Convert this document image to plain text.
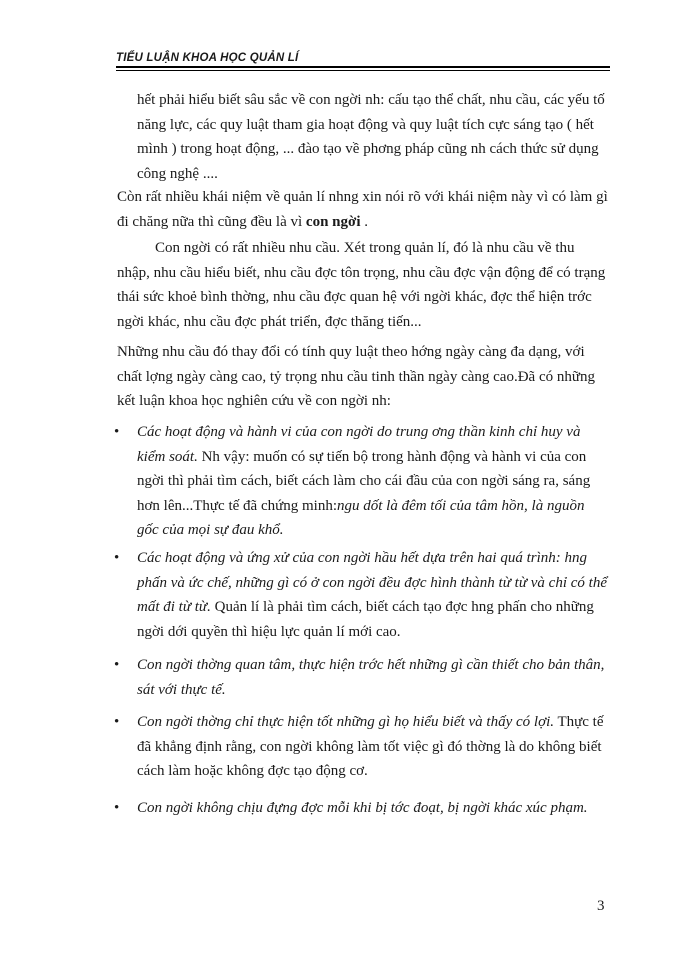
TIỂU LUẬN KHOA HỌC QUẢN LÍ

hết phải hiểu biết sâu sắc về con ngời nh: cấu tạo thể chất, nhu cầu, các yếu tố năng lực, các quy luật tham gia hoạt động và quy luật tích cực sáng tạo ( hết mình ) trong hoạt động, ... đào tạo về phơng pháp cũng nh cách thức sử dụng công nghệ ....

Còn rất nhiều khái niệm về quản lí nhng xin nói rõ với khái niệm này vì có làm gì đi chăng nữa thì cũng đều là vì con ngời .

Con ngời có rất nhiều nhu cầu. Xét trong quản lí, đó là nhu cầu về thu nhập, nhu cầu hiểu biết, nhu cầu đợc tôn trọng, nhu cầu đợc vận động để có trạng thái sức khoẻ bình thờng, nhu cầu đợc quan hệ với ngời khác, đợc thể hiện trớc ngời khác, nhu cầu đợc phát triển, đợc thăng tiến...

Những nhu cầu đó thay đổi có tính quy luật theo hớng ngày càng đa dạng, với chất lợng ngày càng cao, tỷ trọng nhu cầu tinh thần ngày càng cao.Đã có những kết luận khoa học nghiên cứu về con ngời nh:

• Các hoạt động và hành vi của con ngời do trung ơng thần kinh chỉ huy và kiểm soát. Nh vậy: muốn có sự tiến bộ trong hành động và hành vi của con ngời thì phải tìm cách, biết cách làm cho cái đầu của con ngời sáng ra, sáng hơn lên...Thực tế đã chứng minh:ngu dốt là đêm tối của tâm hồn, là nguồn gốc của mọi sự đau khổ.

• Các hoạt động và ứng xử của con ngời hầu hết dựa trên hai quá trình: hng phấn và ức chế, những gì có ở con ngời đều đợc hình thành từ từ và chỉ có thể mất đi từ từ. Quản lí là phải tìm cách, biết cách tạo đợc hng phấn cho những ngời dới quyền thì hiệu lực quản lí mới cao.

• Con ngời thờng quan tâm, thực hiện trớc hết những gì cần thiết cho bản thân, sát với thực tế.

• Con ngời thờng chỉ thực hiện tốt những gì họ hiểu biết và thấy có lợi. Thực tế đã khẳng định rằng, con ngời không làm tốt việc gì đó thờng là do không biết cách làm hoặc không đợc tạo động cơ.

• Con ngời không chịu đựng đợc mỗi khi bị tớc đoạt, bị ngời khác xúc phạm.

3
